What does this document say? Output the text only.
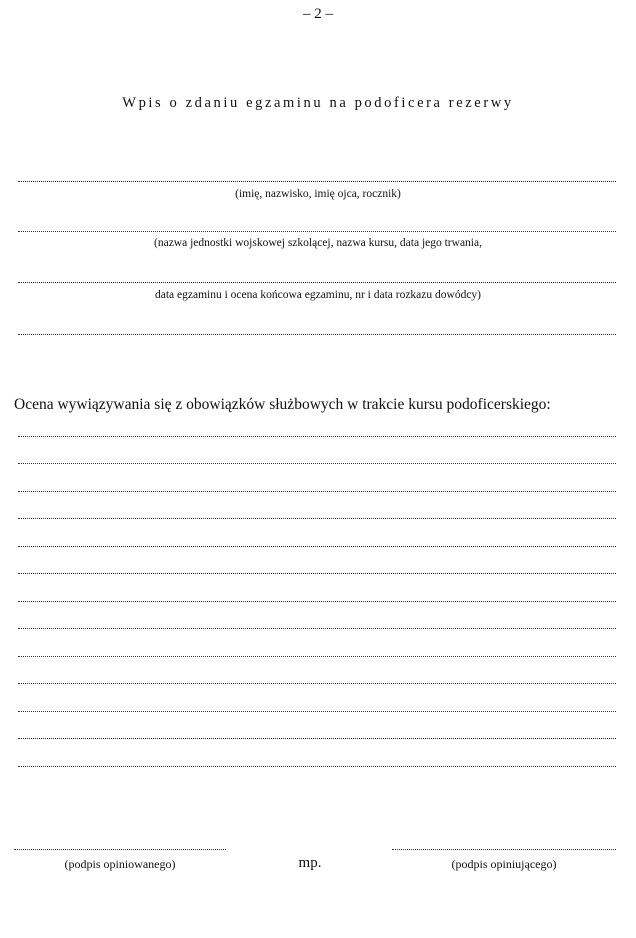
– 2 –
Wpis o zdaniu egzaminu na podoficera rezerwy
(imię, nazwisko, imię ojca, rocznik)
(nazwa jednostki wojskowej szkolącej, nazwa kursu, data jego trwania,
data egzaminu i ocena końcowa egzaminu, nr i data rozkazu dowódcy)
Ocena wywiązywania się z obowiązków służbowych w trakcie kursu podoficerskiego:
(podpis opiniowanego)	mp.	(podpis opiniującego)
